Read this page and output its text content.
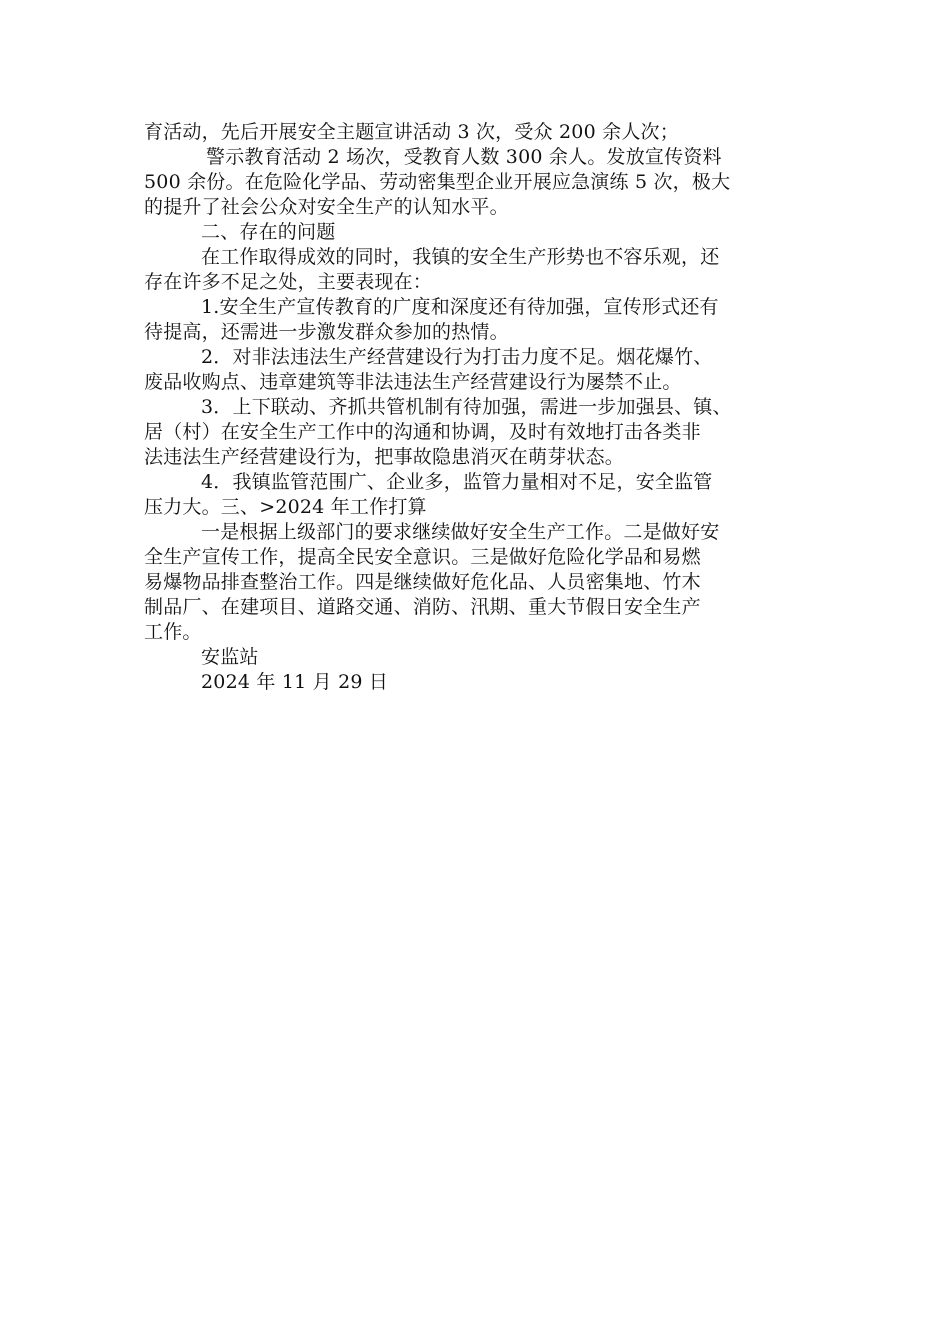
育活动，先后开展安全主题宣讲活动 3 次，受众 200 余人次；
警示教育活动 2 场次，受教育人数 300 余人。发放宣传资料
500 余份。在危险化学品、劳动密集型企业开展应急演练 5 次，极大
的提升了社会公众对安全生产的认知水平。
二、存在的问题
在工作取得成效的同时，我镇的安全生产形势也不容乐观，还
存在许多不足之处，主要表现在：
1.安全生产宣传教育的广度和深度还有待加强，宣传形式还有
待提高，还需进一步激发群众参加的热情。
2．对非法违法生产经营建设行为打击力度不足。烟花爆竹、
废品收购点、违章建筑等非法违法生产经营建设行为屡禁不止。
3．上下联动、齐抓共管机制有待加强，需进一步加强县、镇、
居（村）在安全生产工作中的沟通和协调，及时有效地打击各类非
法违法生产经营建设行为，把事故隐患消灭在萌芽状态。
4．我镇监管范围广、企业多，监管力量相对不足，安全监管
压力大。三、>2024 年工作打算
一是根据上级部门的要求继续做好安全生产工作。二是做好安
全生产宣传工作，提高全民安全意识。三是做好危险化学品和易燃
易爆物品排查整治工作。四是继续做好危化品、人员密集地、竹木
制品厂、在建项目、道路交通、消防、汛期、重大节假日安全生产
工作。
安监站
2024 年 11 月 29 日
